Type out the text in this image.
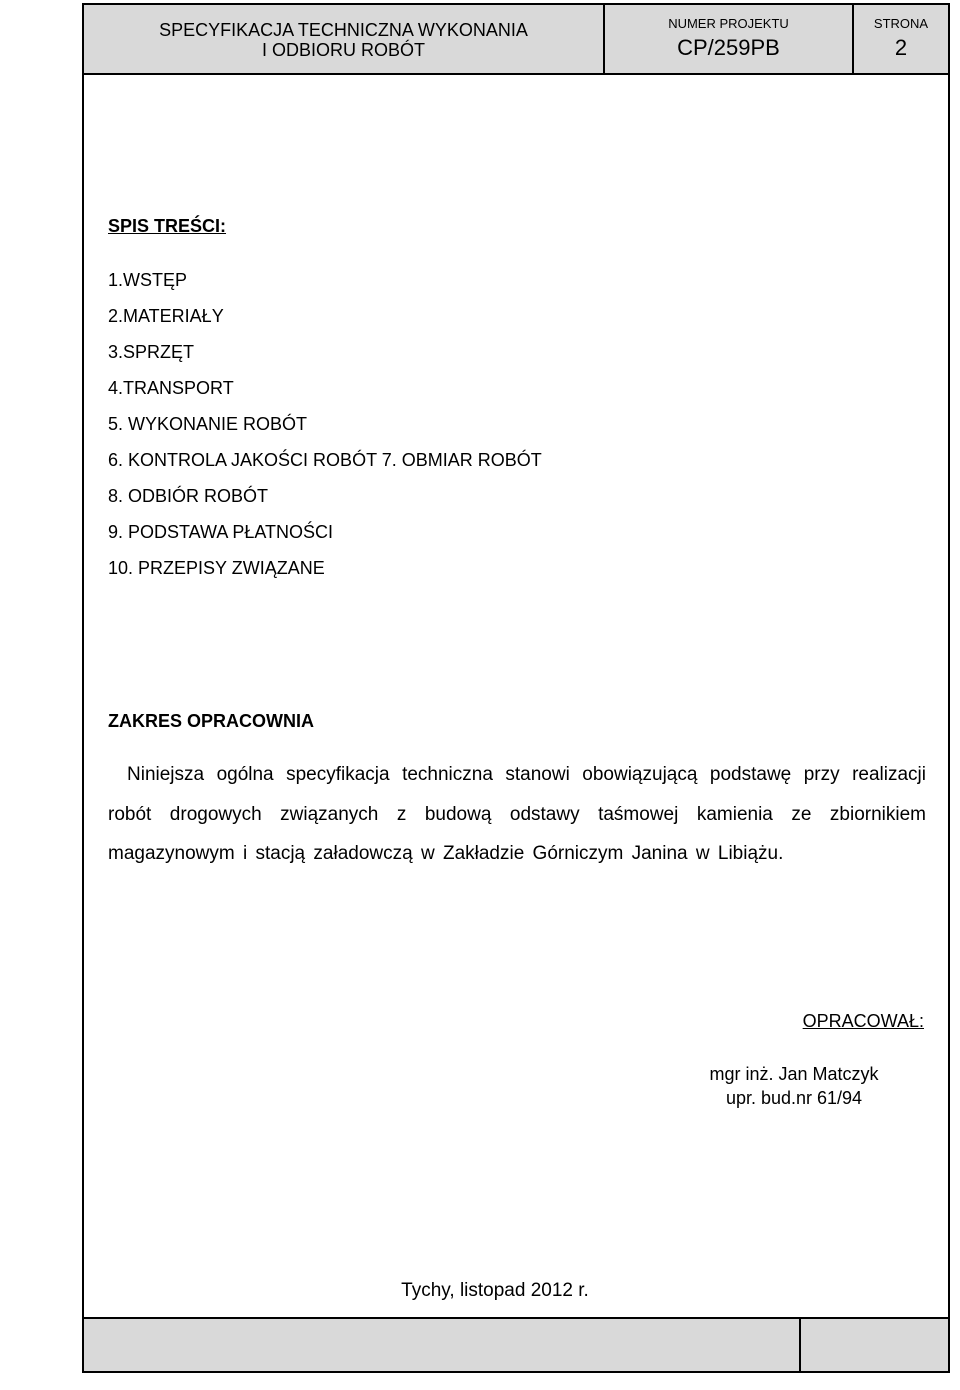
SPECYFIKACJA TECHNICZNA WYKONANIA
I ODBIORU ROBÓT
NUMER PROJEKTU
CP/259PB
STRONA
2
SPIS TREŚCI:
1.WSTĘP
2.MATERIAŁY
3.SPRZĘT
4.TRANSPORT
5. WYKONANIE ROBÓT
6. KONTROLA JAKOŚCI ROBÓT 7. OBMIAR ROBÓT
8. ODBIÓR ROBÓT
9. PODSTAWA PŁATNOŚCI
10. PRZEPISY ZWIĄZANE
ZAKRES OPRACOWNIA

Niniejsza ogólna specyfikacja techniczna stanowi obowiązującą podstawę przy realizacji robót drogowych związanych z budową odstawy taśmowej kamienia ze zbiornikiem magazynowym i stacją załadowczą w Zakładzie Górniczym Janina w Libiążu.

OPRACOWAŁ:
mgr inż. Jan Matczyk
upr. bud.nr 61/94
Tychy, listopad 2012 r.
